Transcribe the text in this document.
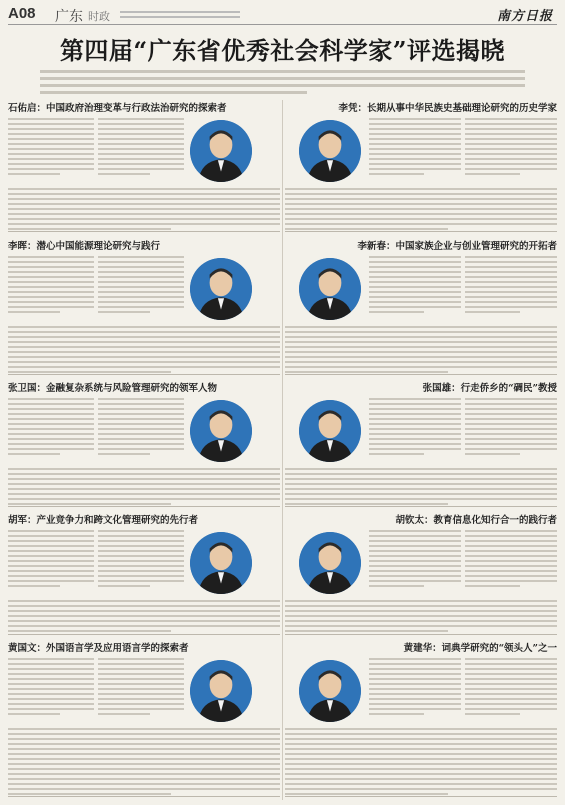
A08 广东 时政	南方日报
第四届“广东省优秀社会科学家”评选揭晓
石佑启：中国政府治理变革与行政法治研究的探索者	李凭：长期从事中华民族史基础理论研究的历史学家
李晖：潜心中国能源理论研究与践行	李新春：中国家族企业与创业管理研究的开拓者
张卫国：金融复杂系统与风险管理研究的领军人物	张国雄：行走侨乡的“碉民”教授
胡军：产业竞争力和跨文化管理研究的先行者	胡钦太：教育信息化知行合一的践行者
黄国文：外国语言学及应用语言学的探索者	黄建华：词典学研究的“领头人”之一
